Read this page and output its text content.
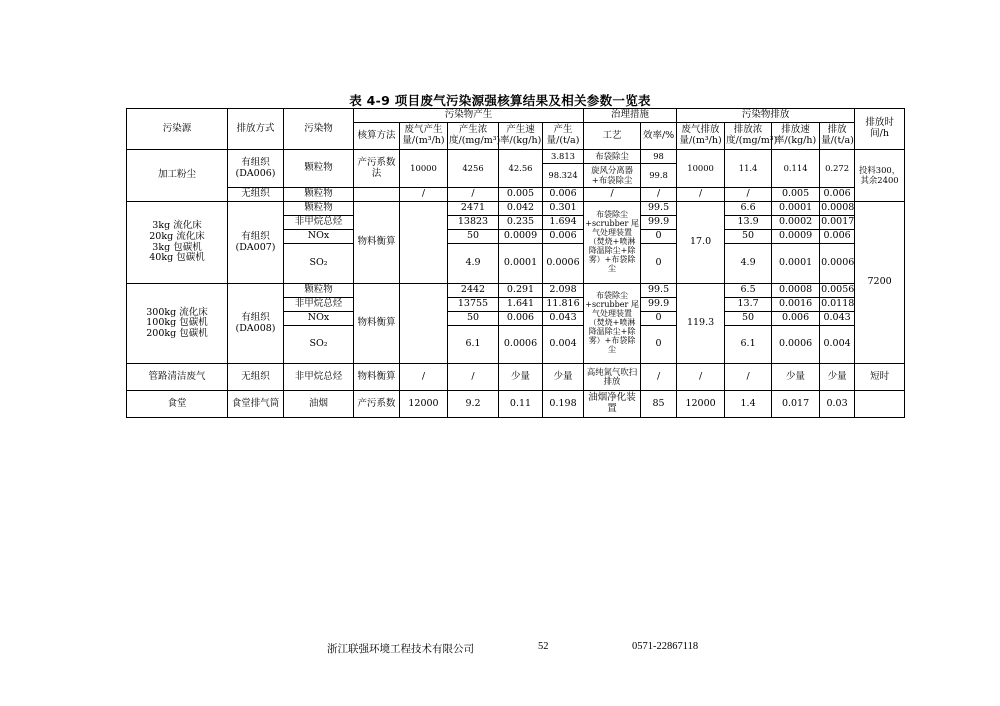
表 4-9 项目废气污染源强核算结果及相关参数一览表
污染源	排放方式	污染物	污染物产生					治理措施		污染物排放				排放时间/h
			核算方法	废气产生量/(m³/h)	产生浓度/(mg/m³)	产生速率/(kg/h)	产生量/(t/a)	工艺	效率/%	废气排放量/(m³/h)	排放浓度/(mg/m³)	排放速率/(kg/h)	排放量/(t/a)	
加工粉尘	有组织(DA006)	颗粒物	产污系数法	10000	4256	42.56	3.813	布袋除尘	98	10000	11.4	0.114	0.272	投料300，其余2400
							98.324	旋风分离器+布袋除尘	99.8					
	无组织	颗粒物		/	/	0.005	0.006	/	/	/	/	0.005	0.006	
3kg 流化床
20kg 流化床
3kg 包碳机
40kg 包碳机	有组织(DA007)	颗粒物	物料衡算		2471	0.042	0.301	布袋除尘+scrubber 尾气处理装置（焚烧+喷淋降温除尘+除雾）+布袋除尘	99.5	17.0	6.6	0.0001	0.0008	7200
		非甲烷总烃			13823	0.235	1.694		99.9		13.9	0.0002	0.0017	
		NOx			50	0.0009	0.006		0		50	0.0009	0.006	
		SO₂			4.9	0.0001	0.0006		0		4.9	0.0001	0.0006	
300kg 流化床
100kg 包碳机
200kg 包碳机	有组织(DA008)	颗粒物	物料衡算		2442	0.291	2.098	布袋除尘+scrubber 尾气处理装置（焚烧+喷淋降温除尘+除雾）+布袋除尘	99.5	119.3	6.5	0.0008	0.0056	
		非甲烷总烃			13755	1.641	11.816		99.9		13.7	0.0016	0.0118	
		NOx			50	0.006	0.043		0		50	0.006	0.043	
		SO₂			6.1	0.0006	0.004		0		6.1	0.0006	0.004	
管路清洁废气	无组织	非甲烷总烃	物料衡算	/	/	少量	少量	高纯氮气吹扫排放	/	/	/	少量	少量	短时
食堂	食堂排气筒	油烟	产污系数	12000	9.2	0.11	0.198	油烟净化装置	85	12000	1.4	0.017	0.03	
浙江联强环境工程技术有限公司	52	0571-22867118
